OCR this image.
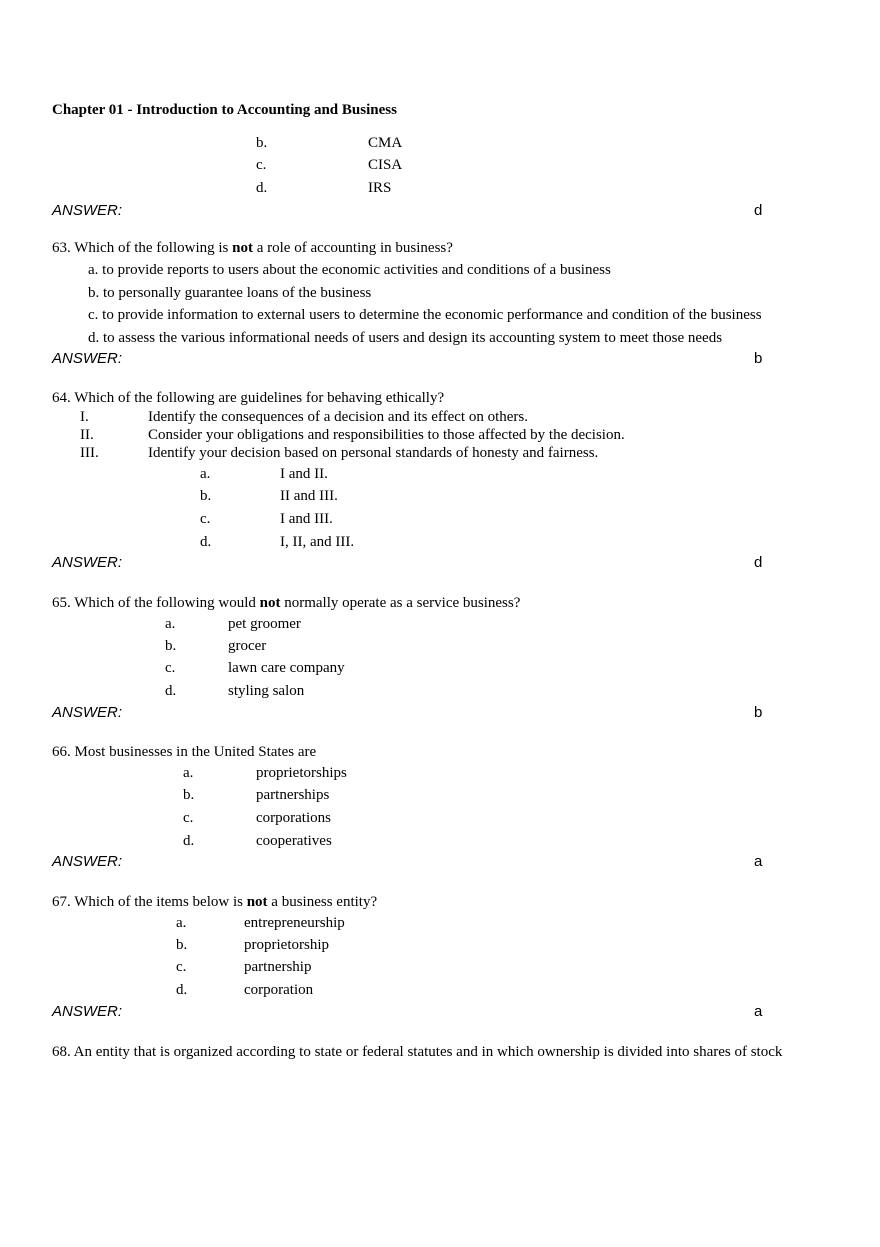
Chapter 01 - Introduction to Accounting and Business
b.	CMA
c.	CISA
d.	IRS
ANSWER:	d
63. Which of the following is not a role of accounting in business?
a. to provide reports to users about the economic activities and conditions of a business
b. to personally guarantee loans of the business
c. to provide information to external users to determine the economic performance and condition of the business
d. to assess the various informational needs of users and design its accounting system to meet those needs
ANSWER:	b
64. Which of the following are guidelines for behaving ethically?
I.	Identify the consequences of a decision and its effect on others.
II.	Consider your obligations and responsibilities to those affected by the decision.
III.	Identify your decision based on personal standards of honesty and fairness.
a.	I and II.
b.	II and III.
c.	I and III.
d.	I, II, and III.
ANSWER:	d
65. Which of the following would not normally operate as a service business?
a.	pet groomer
b.	grocer
c.	lawn care company
d.	styling salon
ANSWER:	b
66. Most businesses in the United States are
a.	proprietorships
b.	partnerships
c.	corporations
d.	cooperatives
ANSWER:	a
67. Which of the items below is not a business entity?
a.	entrepreneurship
b.	proprietorship
c.	partnership
d.	corporation
ANSWER:	a
68. An entity that is organized according to state or federal statutes and in which ownership is divided into shares of stock
